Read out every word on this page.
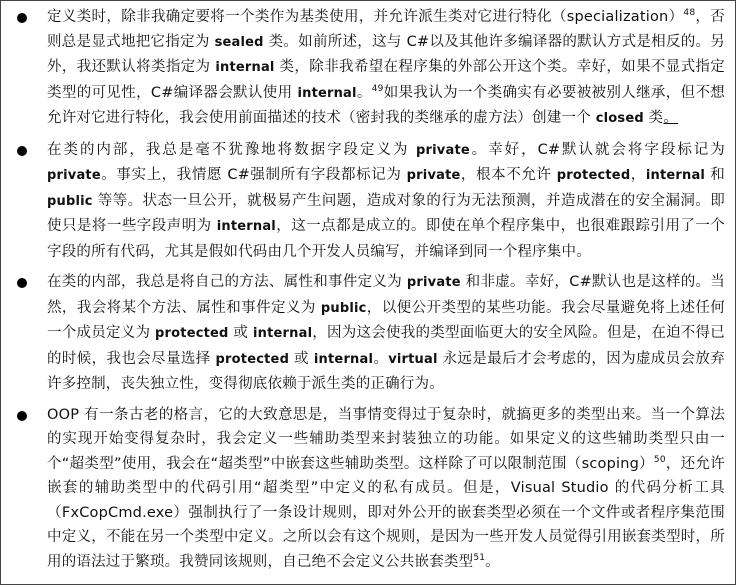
定义类时，除非我确定要将一个类作为基类使用，并允许派生类对它进行特化（specialization）$^{48}$，否则总是显式地把它指定为 sealed 类。如前所述，这与 C#以及其他许多编译器的默认方式是相反的。另外，我还默认将类指定为 internal 类，除非我希望在程序集的外部公开这个类。幸好，如果不显式指定类型的可见性，C#编译器会默认使用 internal。$^{49}$如果我认为一个类确实有必要被被别人继承，但不想允许对它进行特化，我会使用前面描述的技术（密封我的类继承的虚方法）创建一个 closed 类。

在类的内部，我总是毫不犹豫地将数据字段定义为 private。幸好，C#默认就会将字段标记为 private。事实上，我情愿 C#强制所有字段都标记为 private，根本不允许 protected，internal 和 public 等等。状态一旦公开，就极易产生问题，造成对象的行为无法预测，并造成潜在的安全漏洞。即使只是将一些字段声明为 internal，这一点都是成立的。即使在单个程序集中，也很难跟踪引用了一个字段的所有代码，尤其是假如代码由几个开发人员编写，并编译到同一个程序集中。

在类的内部，我总是将自己的方法、属性和事件定义为 private 和非虚。幸好，C#默认也是这样的。当然，我会将某个方法、属性和事件定义为 public，以便公开类型的某些功能。我会尽量避免将上述任何一个成员定义为 protected 或 internal，因为这会使我的类型面临更大的安全风险。但是，在迫不得已的时候，我也会尽量选择 protected 或 internal。virtual 永远是最后才会考虑的，因为虚成员会放弃许多控制，丧失独立性，变得彻底依赖于派生类的正确行为。

OOP 有一条古老的格言，它的大致意思是，当事情变得过于复杂时，就搞更多的类型出来。当一个算法的实现开始变得复杂时，我会定义一些辅助类型来封装独立的功能。如果定义的这些辅助类型只由一个“超类型”使用，我会在“超类型”中嵌套这些辅助类型。这样除了可以限制范围（scoping）$^{50}$，还允许嵌套的辅助类型中的代码引用“超类型”中定义的私有成员。但是，Visual Studio 的代码分析工具（FxCopCmd.exe）强制执行了一条设计规则，即对外公开的嵌套类型必须在一个文件或者程序集范围中定义，不能在另一个类型中定义。之所以会有这个规则，是因为一些开发人员觉得引用嵌套类型时，所用的语法过于繁琐。我赞同该规则，自己绝不会定义公共嵌套类型$^{51}$。
